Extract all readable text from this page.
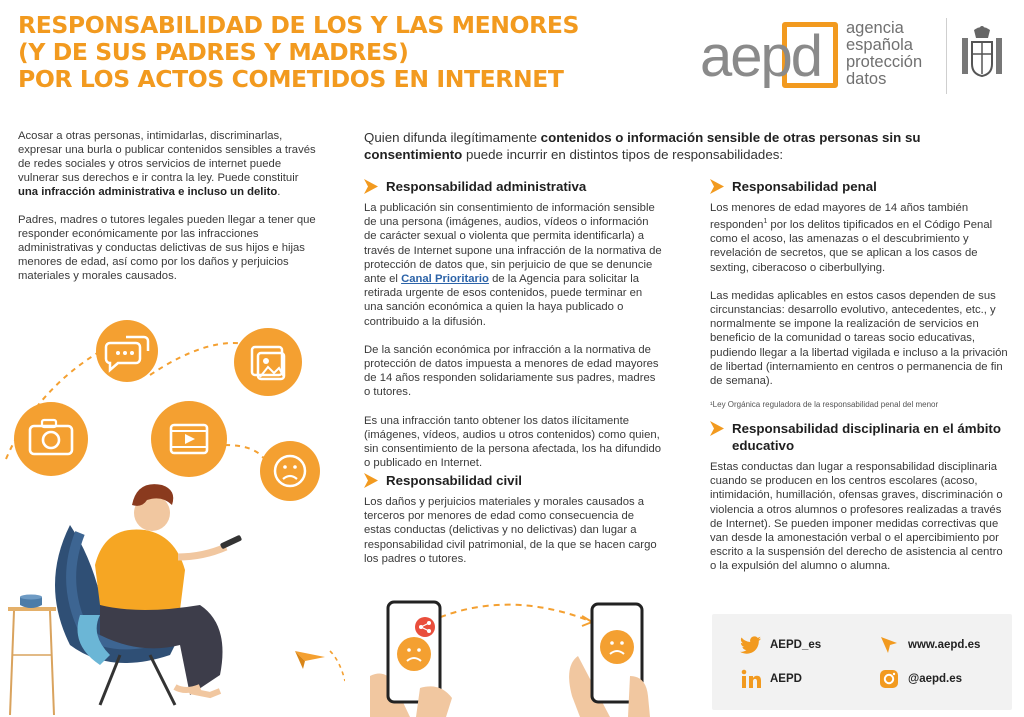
RESPONSABILIDAD DE LOS Y LAS MENORES
(Y DE SUS PADRES Y MADRES)
POR LOS ACTOS COMETIDOS EN INTERNET	aepd agencia
española
protección
datos

Acosar a otras personas, intimidarlas, discriminarlas, expresar una burla o publicar contenidos sensibles a través de redes sociales y otros servicios de internet puede vulnerar sus derechos e ir contra la ley. Puede constituir una infracción administrativa e incluso un delito.

Padres, madres o tutores legales pueden llegar a tener que responder económicamente por las infracciones administrativas y conductas delictivas de sus hijos e hijas menores de edad, así como por los daños y perjuicios materiales y morales causados.

Quien difunda ilegítimamente contenidos o información sensible de otras personas sin su consentimiento puede incurrir en distintos tipos de responsabilidades:
Responsabilidad administrativa

La publicación sin consentimiento de información sensible de una persona (imágenes, audios, vídeos o información de carácter sexual o violenta que permita identificarla) a través de Internet supone una infracción de la normativa de protección de datos que, sin perjuicio de que se denuncie ante el Canal Prioritario de la Agencia para solicitar la retirada urgente de esos contenidos, puede terminar en una sanción económica a quien la haya publicado o contribuido a la difusión.

De la sanción económica por infracción a la normativa de protección de datos impuesta a menores de edad mayores de 14 años responden solidariamente sus padres, madres o tutores.

Es una infracción tanto obtener los datos ilícitamente (imágenes, vídeos, audios u otros contenidos) como quien, sin consentimiento de la persona afectada, los ha difundido o publicado en Internet.

Responsabilidad civil

Los daños y perjuicios materiales y morales causados a terceros por menores de edad como consecuencia de estas conductas (delictivas y no delictivas) dan lugar a responsabilidad civil patrimonial, de la que se hacen cargo los padres o tutores.

Responsabilidad penal

Los menores de edad mayores de 14 años también responden$^1$ por los delitos tipificados en el Código Penal como el acoso, las amenazas o el descubrimiento y revelación de secretos, que se aplican a los casos de sexting, ciberacoso o ciberbullying.

Las medidas aplicables en estos casos dependen de sus circunstancias: desarrollo evolutivo, antecedentes, etc., y normalmente se impone la realización de servicios en beneficio de la comunidad o tareas socio educativas, pudiendo llegar a la libertad vigilada e incluso a la privación de libertad (internamiento en centros o permanencia de fin de semana).

¹Ley Orgánica reguladora de la responsabilidad penal del menor

Responsabilidad disciplinaria en el ámbito educativo

Estas conductas dan lugar a responsabilidad disciplinaria cuando se producen en los centros escolares (acoso, intimidación, humillación, ofensas graves, discriminación o violencia a otros alumnos o profesores realizadas a través de Internet). Se pueden imponer medidas correctivas que van desde la amonestación verbal o el apercibimiento por escrito a la suspensión del derecho de asistencia al centro o la expulsión del alumno o alumna.

AEPD_es	www.aepd.es
AEPD	@aepd.es
